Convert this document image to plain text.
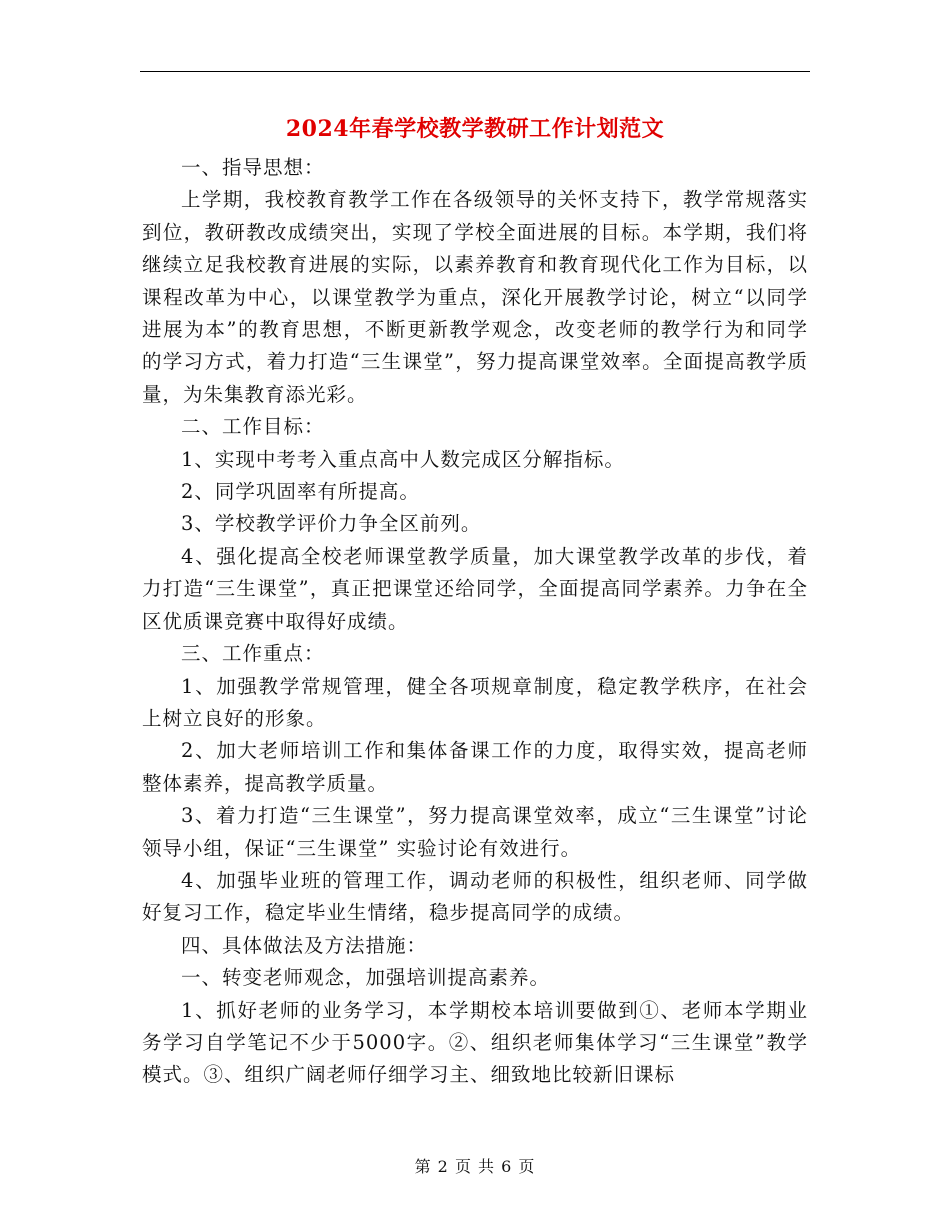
2024年春学校教学教研工作计划范文

一、指导思想：

上学期，我校教育教学工作在各级领导的关怀支持下，教学常规落实到位，教研教改成绩突出，实现了学校全面进展的目标。本学期，我们将继续立足我校教育进展的实际，以素养教育和教育现代化工作为目标，以课程改革为中心，以课堂教学为重点，深化开展教学讨论，树立“以同学进展为本”的教育思想，不断更新教学观念，改变老师的教学行为和同学的学习方式，着力打造“三生课堂”，努力提高课堂效率。全面提高教学质量，为朱集教育添光彩。

二、工作目标：

1、实现中考考入重点高中人数完成区分解指标。

2、同学巩固率有所提高。

3、学校教学评价力争全区前列。

4、强化提高全校老师课堂教学质量，加大课堂教学改革的步伐，着力打造“三生课堂”，真正把课堂还给同学，全面提高同学素养。力争在全区优质课竞赛中取得好成绩。

三、工作重点：

1、加强教学常规管理，健全各项规章制度，稳定教学秩序，在社会上树立良好的形象。

2、加大老师培训工作和集体备课工作的力度，取得实效，提高老师整体素养，提高教学质量。

3、着力打造“三生课堂”，努力提高课堂效率，成立“三生课堂”讨论领导小组，保证“三生课堂” 实验讨论有效进行。

4、加强毕业班的管理工作，调动老师的积极性，组织老师、同学做好复习工作，稳定毕业生情绪，稳步提高同学的成绩。

四、具体做法及方法措施：

一、转变老师观念，加强培训提高素养。

1、抓好老师的业务学习，本学期校本培训要做到①、老师本学期业务学习自学笔记不少于5000字。②、组织老师集体学习“三生课堂”教学模式。③、组织广阔老师仔细学习主、细致地比较新旧课标

第 2 页 共 6 页
